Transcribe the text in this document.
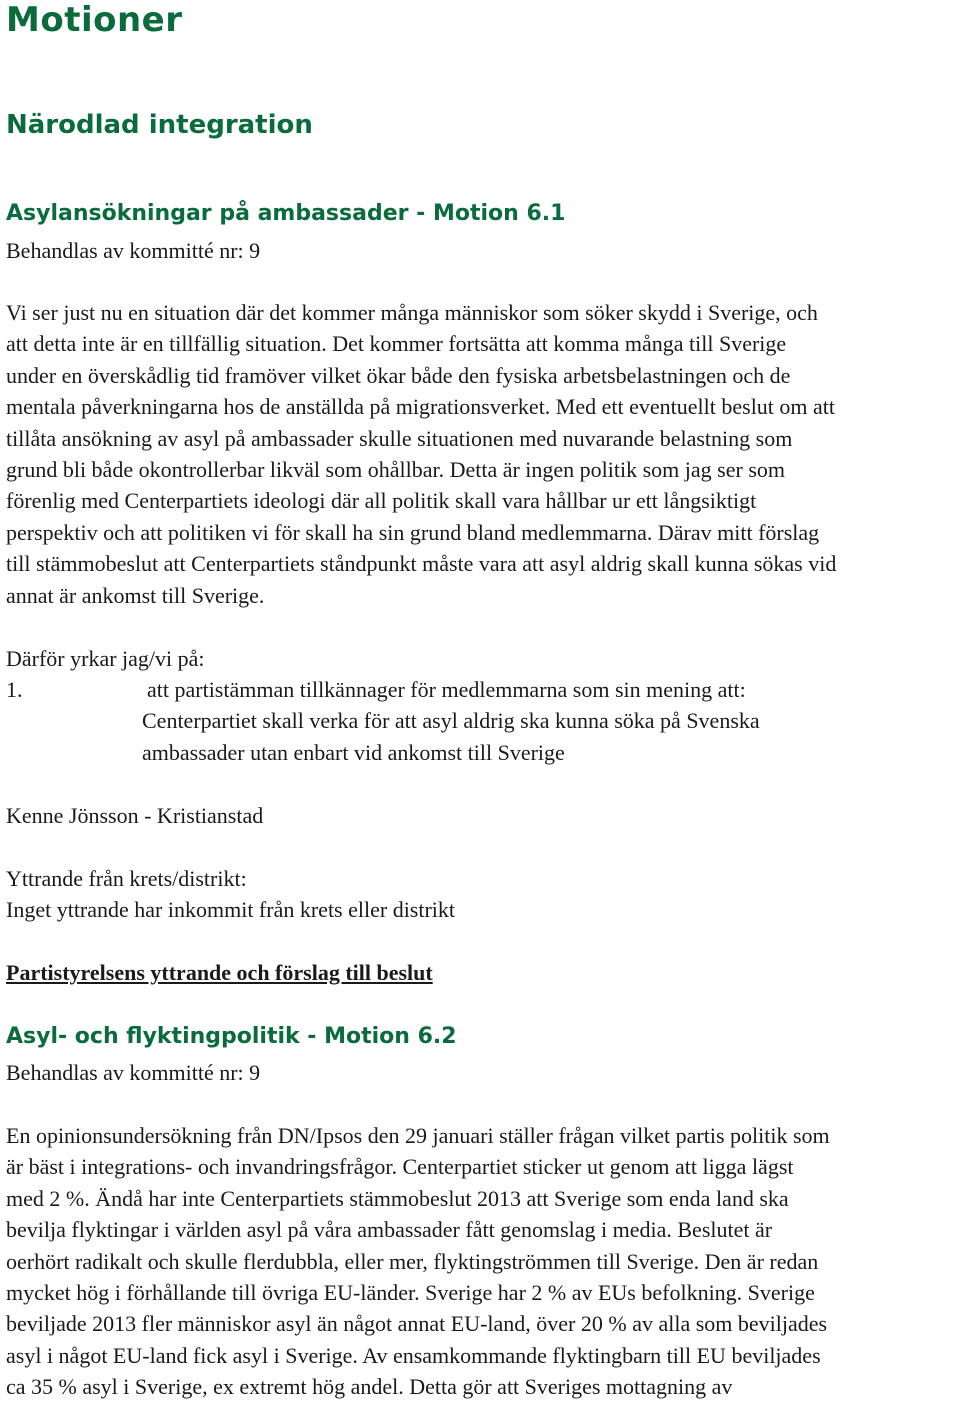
Motioner
Närodlad integration
Asylansökningar på ambassader - Motion 6.1
Behandlas av kommitté nr: 9
Vi ser just nu en situation där det kommer många människor som söker skydd i Sverige, och
att detta inte är en tillfällig situation. Det kommer fortsätta att komma många till Sverige
under en överskådlig tid framöver vilket ökar både den fysiska arbetsbelastningen och de
mentala påverkningarna hos de anställda på migrationsverket. Med ett eventuellt beslut om att
tillåta ansökning av asyl på ambassader skulle situationen med nuvarande belastning som
grund bli både okontrollerbar likväl som ohållbar. Detta är ingen politik som jag ser som
förenlig med Centerpartiets ideologi där all politik skall vara hållbar ur ett långsiktigt
perspektiv och att politiken vi för skall ha sin grund bland medlemmarna. Därav mitt förslag
till stämmobeslut att Centerpartiets ståndpunkt måste vara att asyl aldrig skall kunna sökas vid
annat är ankomst till Sverige.
Därför yrkar jag/vi på:
1.	att partistämman tillkännager för medlemmarna som sin mening att:
Centerpartiet skall verka för att asyl aldrig ska kunna söka på Svenska
ambassader utan enbart vid ankomst till Sverige
Kenne Jönsson - Kristianstad
Yttrande från krets/distrikt:
Inget yttrande har inkommit från krets eller distrikt
Partistyrelsens yttrande och förslag till beslut
Asyl- och flyktingpolitik - Motion 6.2
Behandlas av kommitté nr: 9
En opinionsundersökning från DN/Ipsos den 29 januari ställer frågan vilket partis politik som
är bäst i integrations- och invandringsfrågor. Centerpartiet sticker ut genom att ligga lägst
med 2 %. Ändå har inte Centerpartiets stämmobeslut 2013 att Sverige som enda land ska
bevilja flyktingar i världen asyl på våra ambassader fått genomslag i media. Beslutet är
oerhört radikalt och skulle flerdubbla, eller mer, flyktingströmmen till Sverige. Den är redan
mycket hög i förhållande till övriga EU-länder. Sverige har 2 % av EUs befolkning. Sverige
beviljade 2013 fler människor asyl än något annat EU-land, över 20 % av alla som beviljades
asyl i något EU-land fick asyl i Sverige. Av ensamkommande flyktingbarn till EU beviljades
ca 35 % asyl i Sverige, ex extremt hög andel. Detta gör att Sveriges mottagning av
